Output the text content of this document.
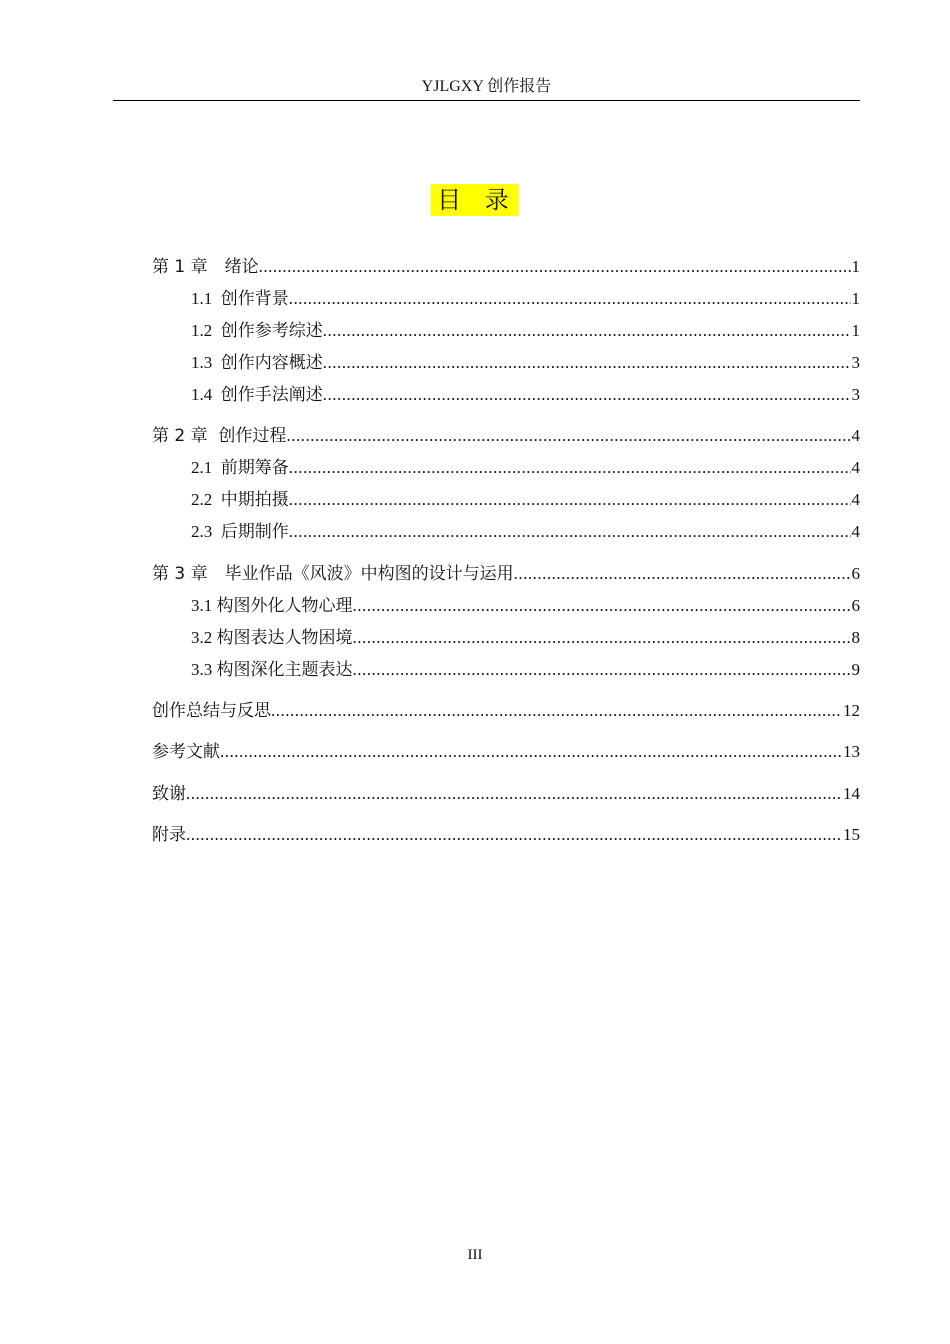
YJLGXY 创作报告
目 录
第 1 章　绪论 .....	1
1.1  创作背景 .....	1
1.2  创作参考综述 .....	1
1.3  创作内容概述 .....	3
1.4  创作手法阐述 .....	3
第 2 章  创作过程 .....	4
2.1  前期筹备 .....	4
2.2  中期拍摄 .....	4
2.3  后期制作 .....	4
第 3 章　毕业作品《风波》中构图的设计与运用 .....	6
3.1 构图外化人物心理 .....	6
3.2 构图表达人物困境 .....	8
3.3 构图深化主题表达 .....	9
创作总结与反思 .....	12
参考文献 .....	13
致谢 .....	14
附录 .....	15
III
